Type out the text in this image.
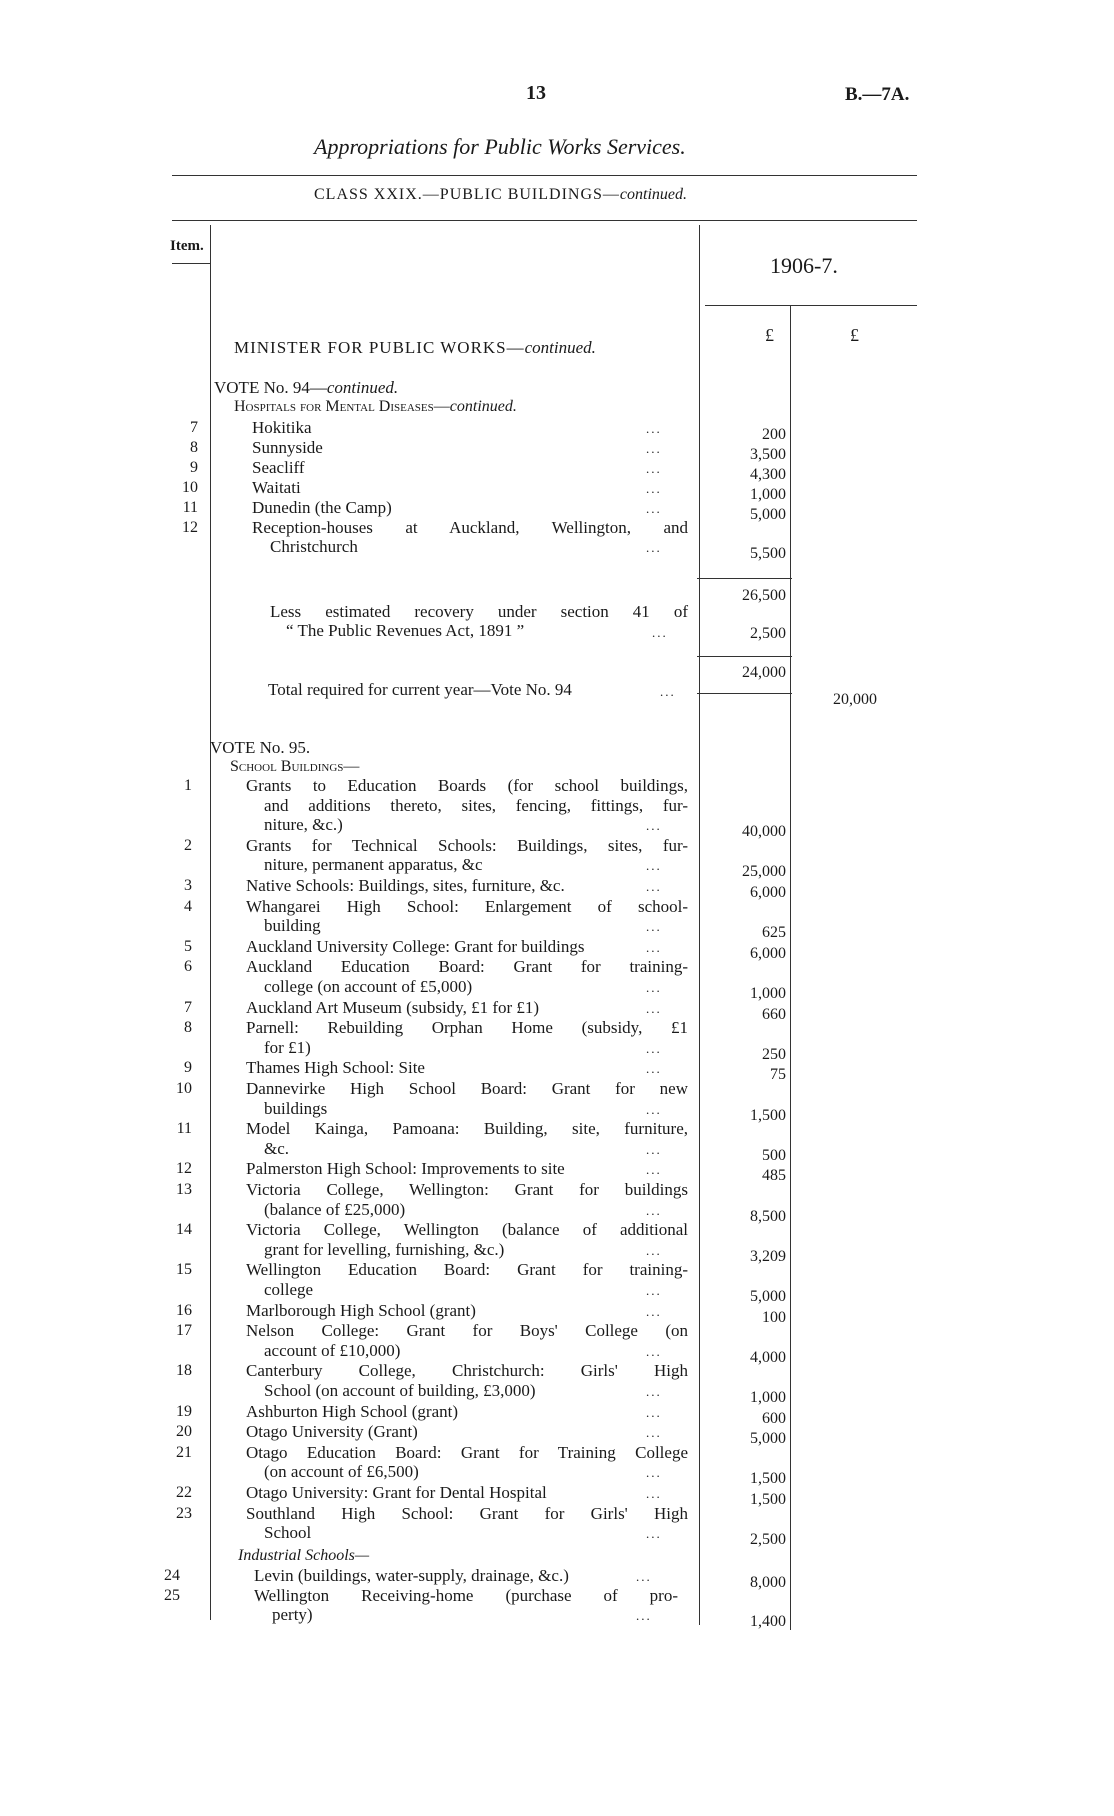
13	B.—7A.
Appropriations for Public Works Services.
CLASS XXIX.—PUBLIC BUILDINGS—continued.
Item.
1906-7.
£	£
MINISTER FOR PUBLIC WORKS—continued.
VOTE No. 94—continued.
Hospitals for Mental Diseases—continued.
7	Hokitika	...	200
8	Sunnyside	...	3,500
9	Seacliff	...	4,300
10	Waitati	...	1,000
11	Dunedin (the Camp)	...	5,000
12	Reception-houses at Auckland, Wellington, and
Christchurch	...	5,500
26,500
Less estimated recovery under section 41 of
“ The Public Revenues Act, 1891 ”	...	2,500
24,000
Total required for current year—Vote No. 94	...	20,000
VOTE No. 95.
School Buildings—
1	Grants to Education Boards (for school buildings,
and additions thereto, sites, fencing, fittings, fur-
niture, &c.)	...	40,000
2	Grants for Technical Schools: Buildings, sites, fur-
niture, permanent apparatus, &c	...	25,000
3	Native Schools: Buildings, sites, furniture, &c.	...	6,000
4	Whangarei High School: Enlargement of school-
building	...	625
5	Auckland University College: Grant for buildings	...	6,000
6	Auckland Education Board: Grant for training-
college (on account of £5,000)	...	1,000
7	Auckland Art Museum (subsidy, £1 for £1)	...	660
8	Parnell: Rebuilding Orphan Home (subsidy, £1
for £1)	...	250
9	Thames High School: Site	...	75
10	Dannevirke High School Board: Grant for new
buildings	...	1,500
11	Model Kainga, Pamoana: Building, site, furniture,
&c.	...	500
12	Palmerston High School: Improvements to site	...	485
13	Victoria College, Wellington: Grant for buildings
(balance of £25,000)	...	8,500
14	Victoria College, Wellington (balance of additional
grant for levelling, furnishing, &c.)	...	3,209
15	Wellington Education Board: Grant for training-
college	...	5,000
16	Marlborough High School (grant)	...	100
17	Nelson College: Grant for Boys' College (on
account of £10,000)	...	4,000
18	Canterbury College, Christchurch: Girls' High
School (on account of building, £3,000)	...	1,000
19	Ashburton High School (grant)	...	600
20	Otago University (Grant)	...	5,000
21	Otago Education Board: Grant for Training College
(on account of £6,500)	...	1,500
22	Otago University: Grant for Dental Hospital	...	1,500
23	Southland High School: Grant for Girls' High
School	...	2,500
Industrial Schools—
24	Levin (buildings, water-supply, drainage, &c.)	...	8,000
25	Wellington Receiving-home (purchase of pro-
perty)	...	1,400
